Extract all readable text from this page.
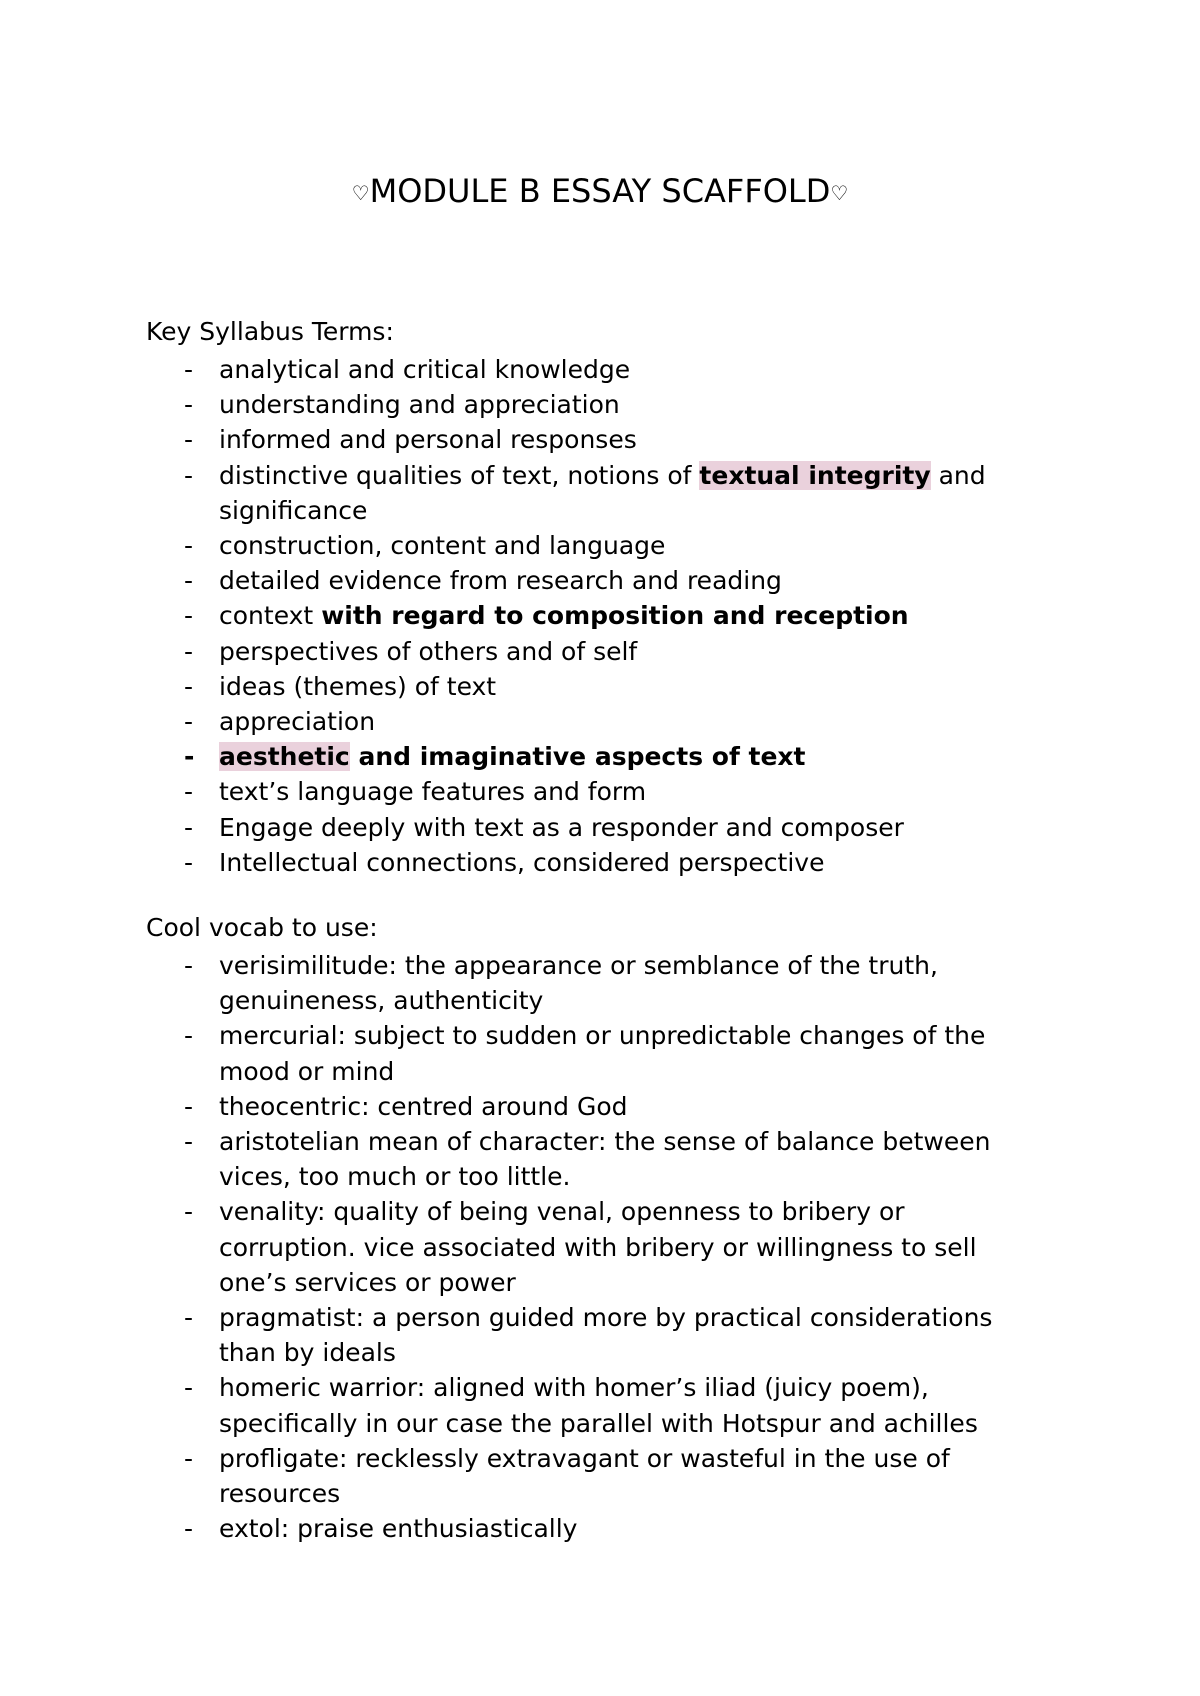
♡MODULE B ESSAY SCAFFOLD♡
Key Syllabus Terms:
- analytical and critical knowledge
- understanding and appreciation
- informed and personal responses
- distinctive qualities of text, notions of textual integrity and significance
- construction, content and language
- detailed evidence from research and reading
- context with regard to composition and reception
- perspectives of others and of self
- ideas (themes) of text
- appreciation
- aesthetic and imaginative aspects of text
- text’s language features and form
- Engage deeply with text as a responder and composer
- Intellectual connections, considered perspective
Cool vocab to use:
- verisimilitude: the appearance or semblance of the truth, genuineness, authenticity
- mercurial: subject to sudden or unpredictable changes of the mood or mind
- theocentric: centred around God
- aristotelian mean of character: the sense of balance between vices, too much or too little.
- venality: quality of being venal, openness to bribery or corruption. vice associated with bribery or willingness to sell one’s services or power
- pragmatist: a person guided more by practical considerations than by ideals
- homeric warrior: aligned with homer’s iliad (juicy poem), specifically in our case the parallel with Hotspur and achilles
- profligate: recklessly extravagant or wasteful in the use of resources
- extol: praise enthusiastically
